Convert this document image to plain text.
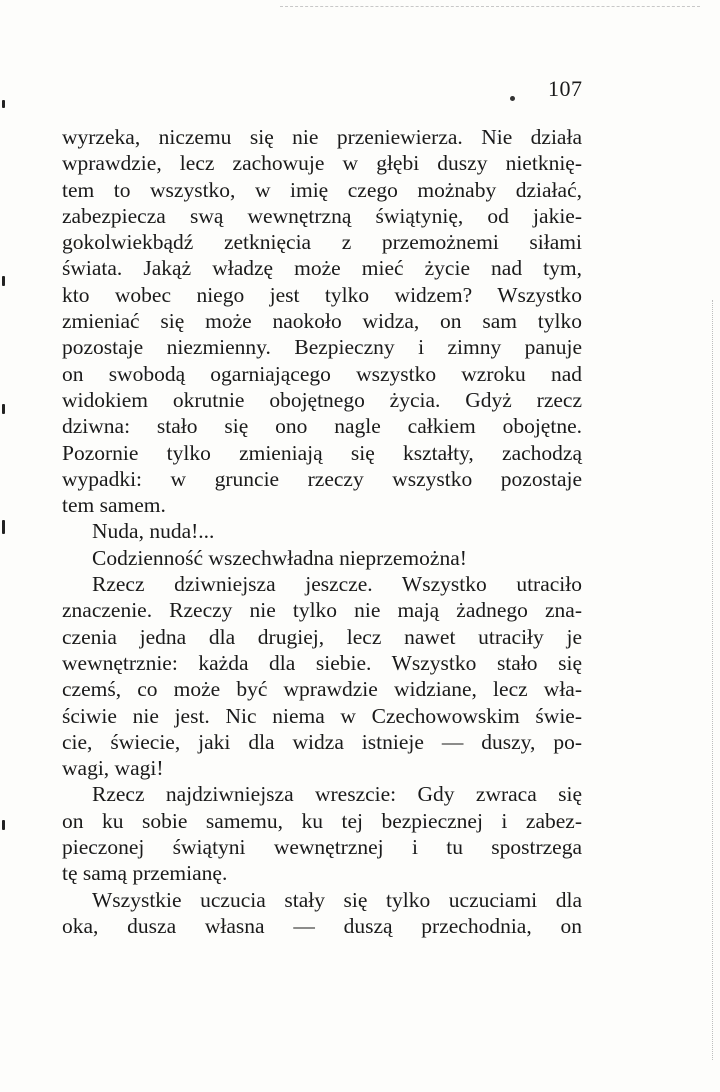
107
wyrzeka, niczemu się nie przeniewierza. Nie działa
wprawdzie, lecz zachowuje w głębi duszy nietknię-
tem to wszystko, w imię czego możnaby działać,
zabezpiecza swą wewnętrzną świątynię, od jakie-
gokolwiekbądź zetknięcia z przemożnemi siłami
świata. Jakąż władzę może mieć życie nad tym,
kto wobec niego jest tylko widzem? Wszystko
zmieniać się może naokoło widza, on sam tylko
pozostaje niezmienny. Bezpieczny i zimny panuje
on swobodą ogarniającego wszystko wzroku nad
widokiem okrutnie obojętnego życia. Gdyż rzecz
dziwna: stało się ono nagle całkiem obojętne.
Pozornie tylko zmieniają się kształty, zachodzą
wypadki: w gruncie rzeczy wszystko pozostaje
tem samem.
Nuda, nuda!...
Codzienność wszechwładna nieprzemożna!
Rzecz dziwniejsza jeszcze. Wszystko utraciło
znaczenie. Rzeczy nie tylko nie mają żadnego zna-
czenia jedna dla drugiej, lecz nawet utraciły je
wewnętrznie: każda dla siebie. Wszystko stało się
czemś, co może być wprawdzie widziane, lecz wła-
ściwie nie jest. Nic niema w Czechowowskim świe-
cie, świecie, jaki dla widza istnieje — duszy, po-
wagi, wagi!
Rzecz najdziwniejsza wreszcie: Gdy zwraca się
on ku sobie samemu, ku tej bezpiecznej i zabez-
pieczonej świątyni wewnętrznej i tu spostrzega
tę samą przemianę.
Wszystkie uczucia stały się tylko uczuciami dla
oka, dusza własna — duszą przechodnia, on
